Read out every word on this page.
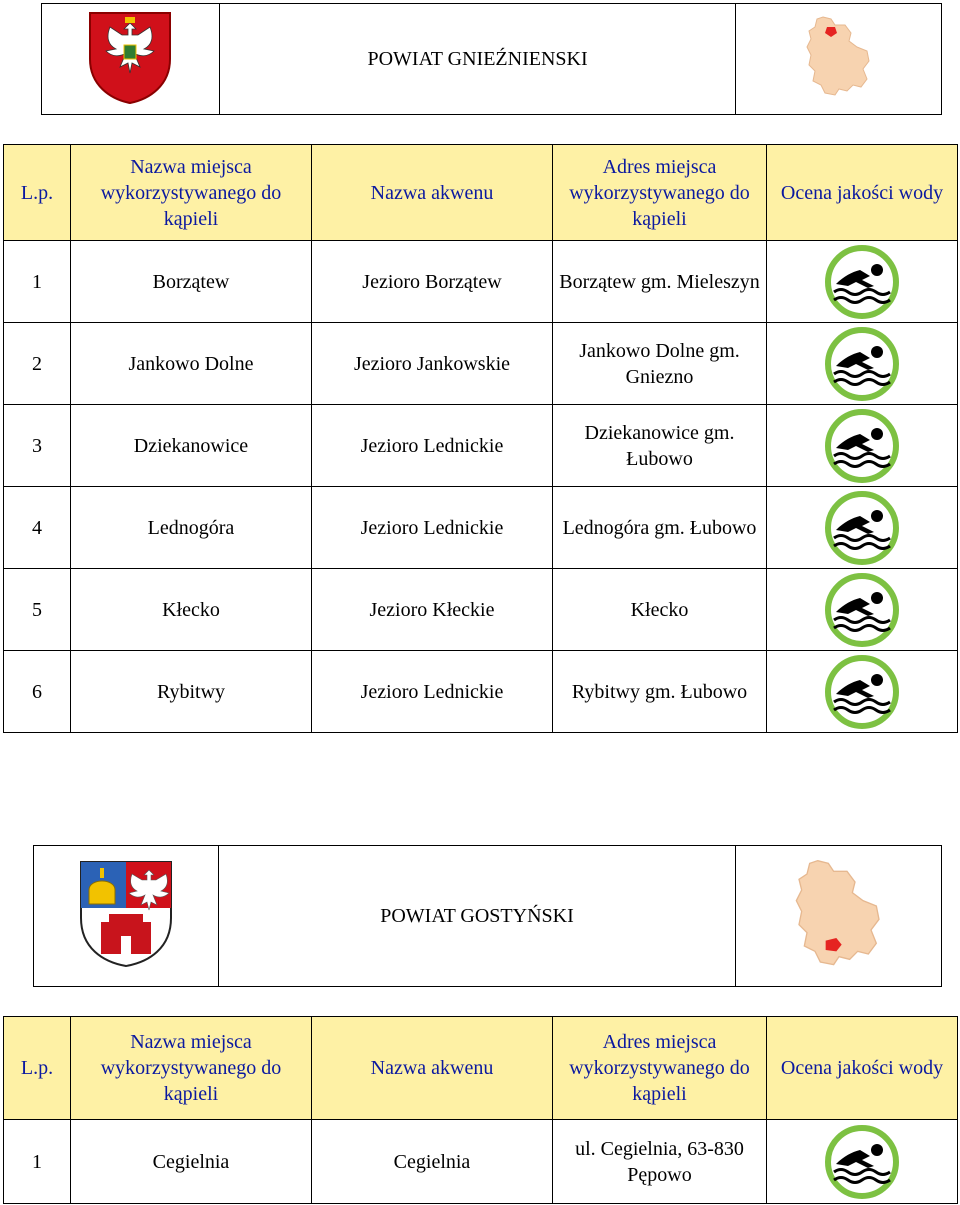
	POWIAT GNIEŹNIENSKI	
L.p.	Nazwa miejsca wykorzystywanego do kąpieli	Nazwa akwenu	Adres miejsca wykorzystywanego do kąpieli	Ocena jakości wody
1	Borzątew	Jezioro Borzątew	Borzątew gm. Mieleszyn	

2	Jankowo Dolne	Jezioro Jankowskie	Jankowo Dolne gm. Gniezno	

3	Dziekanowice	Jezioro Lednickie	Dziekanowice gm. Łubowo	

4	Lednogóra	Jezioro Lednickie	Lednogóra gm. Łubowo	

5	Kłecko	Jezioro Kłeckie	Kłecko	

6	Rybitwy	Jezioro Lednickie	Rybitwy gm. Łubowo	
	POWIAT GOSTYŃSKI	
L.p.	Nazwa miejsca wykorzystywanego do kąpieli	Nazwa akwenu	Adres miejsca wykorzystywanego do kąpieli	Ocena jakości wody
1	Cegielnia	Cegielnia	ul. Cegielnia, 63-830 Pępowo	
